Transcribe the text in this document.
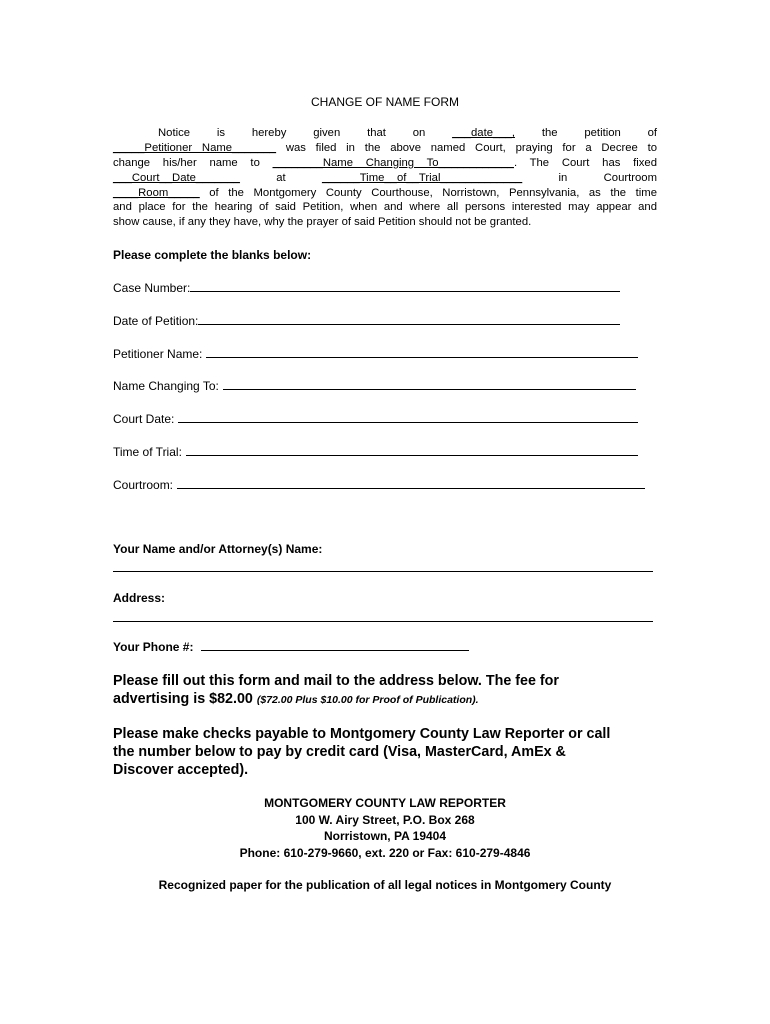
CHANGE OF NAME FORM
Notice is hereby given that on ___date___, the petition of
_____Petitioner Name_______ was filed in the above named Court, praying for a Decree to
change his/her name to ________Name Changing To____________. The Court has fixed
___Court__Date_______	at	______Time__of__Trial_____________	in	Courtroom
____Room_____ of the Montgomery County Courthouse, Norristown, Pennsylvania, as the time
and place for the hearing of said Petition, when and where all persons interested may appear and
show cause, if any they have, why the prayer of said Petition should not be granted.
Please complete the blanks below:
Case Number:
Date of Petition:
Petitioner Name:
Name Changing To:
Court Date:
Time of Trial:
Courtroom:
Your Name and/or Attorney(s) Name:
Address:
Your Phone #:
Please fill out this form and mail to the address below. The fee for
advertising is $82.00 ($72.00 Plus $10.00 for Proof of Publication).
Please make checks payable to Montgomery County Law Reporter or call
the number below to pay by credit card (Visa, MasterCard, AmEx &
Discover accepted).
MONTGOMERY COUNTY LAW REPORTER
100 W. Airy Street, P.O. Box 268
Norristown, PA 19404
Phone: 610-279-9660, ext. 220 or Fax: 610-279-4846
Recognized paper for the publication of all legal notices in Montgomery County
